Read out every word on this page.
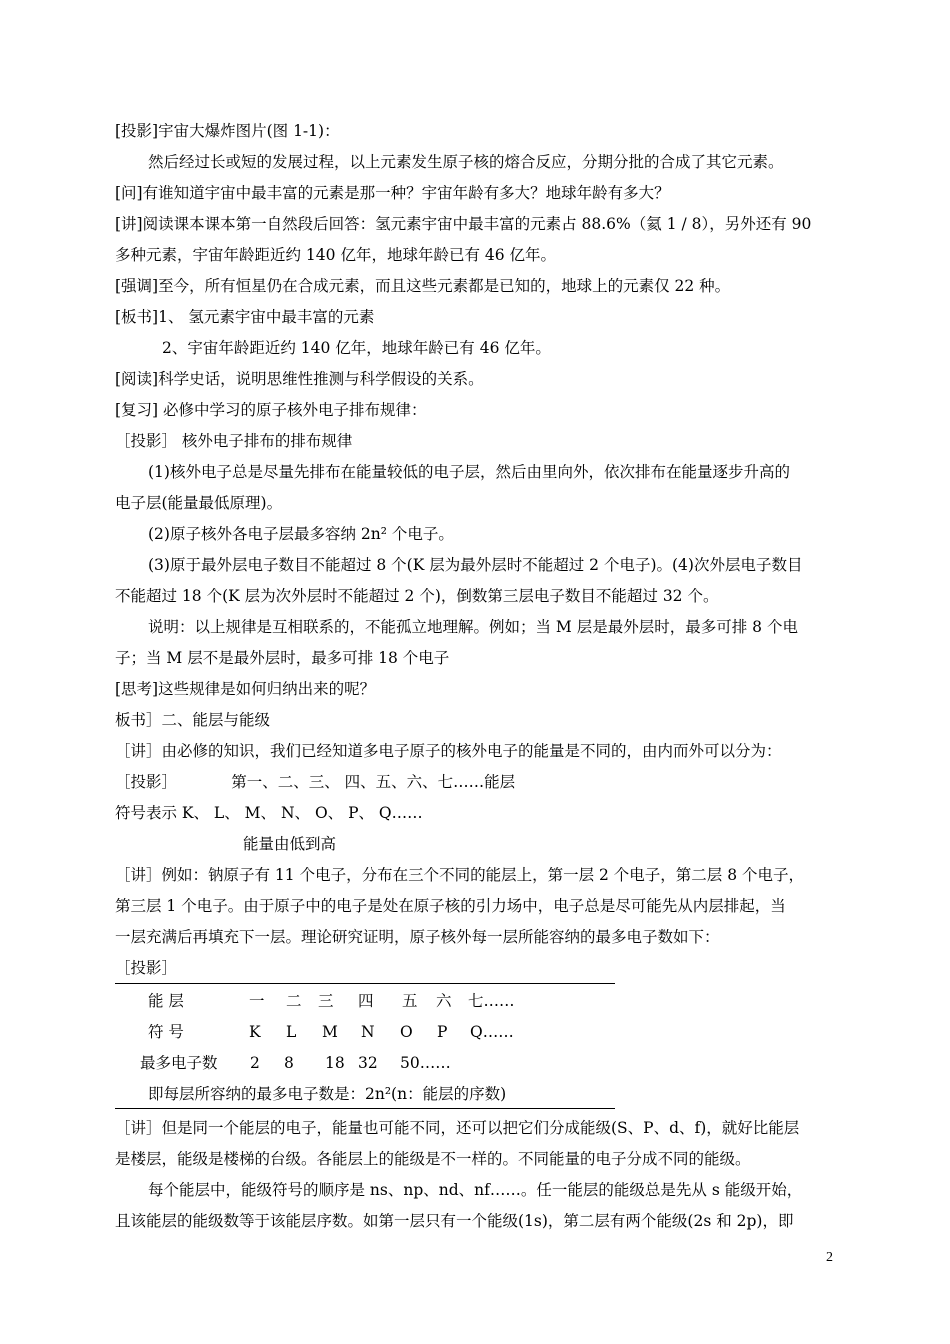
[投影]宇宙大爆炸图片(图 1-1)：
然后经过长或短的发展过程，以上元素发生原子核的熔合反应，分期分批的合成了其它元素。
[问]有谁知道宇宙中最丰富的元素是那一种？宇宙年龄有多大？地球年龄有多大？
[讲]阅读课本课本第一自然段后回答：氢元素宇宙中最丰富的元素占 88.6%（氦 1 / 8），另外还有 90
多种元素，宇宙年龄距近约 140 亿年，地球年龄已有 46 亿年。
[强调]至今，所有恒星仍在合成元素，而且这些元素都是已知的，地球上的元素仅 22 种。
[板书]1、 氢元素宇宙中最丰富的元素
2、宇宙年龄距近约 140 亿年，地球年龄已有 46 亿年。
[阅读]科学史话，说明思维性推测与科学假设的关系。
[复习] 必修中学习的原子核外电子排布规律：
［投影］ 核外电子排布的排布规律
(1)核外电子总是尽量先排布在能量较低的电子层，然后由里向外，依次排布在能量逐步升高的
电子层(能量最低原理)。
(2)原子核外各电子层最多容纳 2n² 个电子。
(3)原于最外层电子数目不能超过 8 个(K 层为最外层时不能超过 2 个电子)。(4)次外层电子数目
不能超过 18 个(K 层为次外层时不能超过 2 个)，倒数第三层电子数目不能超过 32 个。
说明：以上规律是互相联系的，不能孤立地理解。例如；当 M 层是最外层时，最多可排 8 个电
子；当 M 层不是最外层时，最多可排 18 个电子
[思考]这些规律是如何归纳出来的呢？
板书］二、能层与能级
［讲］由必修的知识，我们已经知道多电子原子的核外电子的能量是不同的，由内而外可以分为：
［投影］　　　　第一、二、三、 四、五、六、七……能层
符号表示 K、 L、 M、 N、 O、 P、 Q……
能量由低到高
［讲］例如：钠原子有 11 个电子，分布在三个不同的能层上，第一层 2 个电子，第二层 8 个电子，
第三层 1 个电子。由于原子中的电子是处在原子核的引力场中，电子总是尽可能先从内层排起，当
一层充满后再填充下一层。理论研究证明，原子核外每一层所能容纳的最多电子数如下：
［投影］
能 层	一 二 三 四 五 六 七……
符 号	K L M N O P Q……
最多电子数 2 8 18 32 50……
即每层所容纳的最多电子数是：2n²(n：能层的序数)
［讲］但是同一个能层的电子，能量也可能不同，还可以把它们分成能级(S、P、d、f)，就好比能层
是楼层，能级是楼梯的台级。各能层上的能级是不一样的。不同能量的电子分成不同的能级。
每个能层中，能级符号的顺序是 ns、np、nd、nf……。任一能层的能级总是先从 s 能级开始，
且该能层的能级数等于该能层序数。如第一层只有一个能级(1s)，第二层有两个能级(2s 和 2p)，即
2
